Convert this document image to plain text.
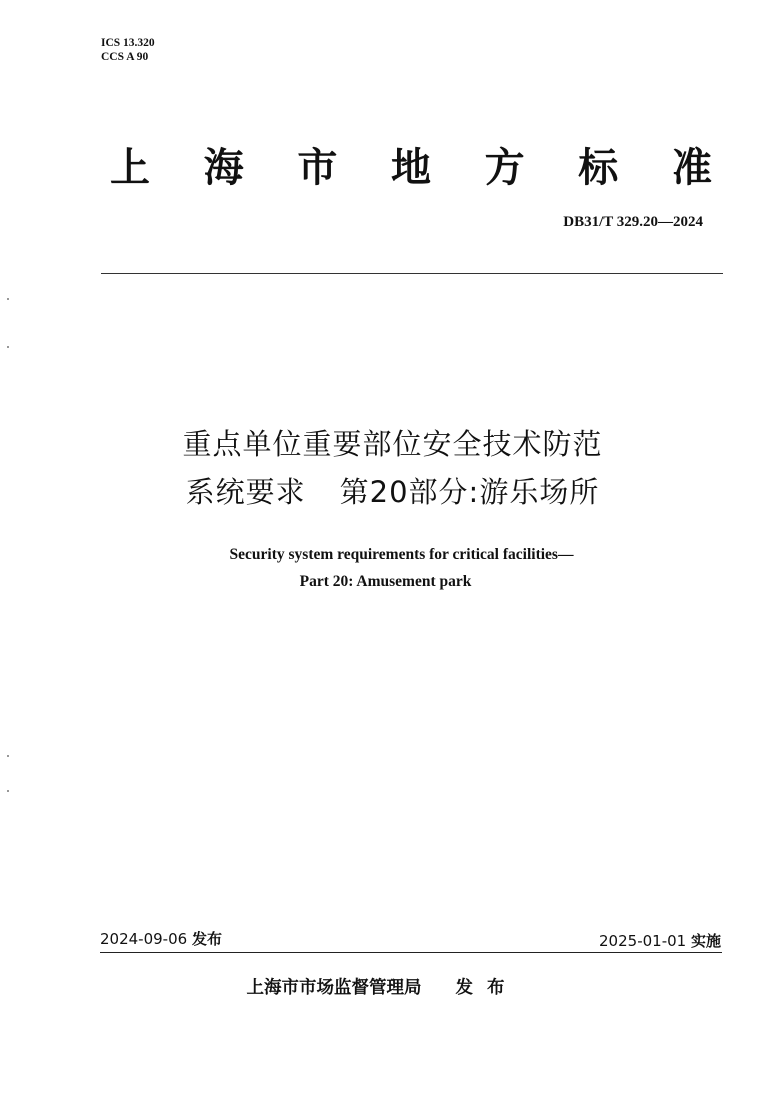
ICS 13.320
CCS A 90
上 海 市 地 方 标 准
DB31/T 329.20—2024
重点单位重要部位安全技术防范
系统要求 第20部分:游乐场所
Security system requirements for critical facilities—
Part 20: Amusement park
2024-09-06 发布	2025-01-01 实施
上海市市场监督管理局 发布
